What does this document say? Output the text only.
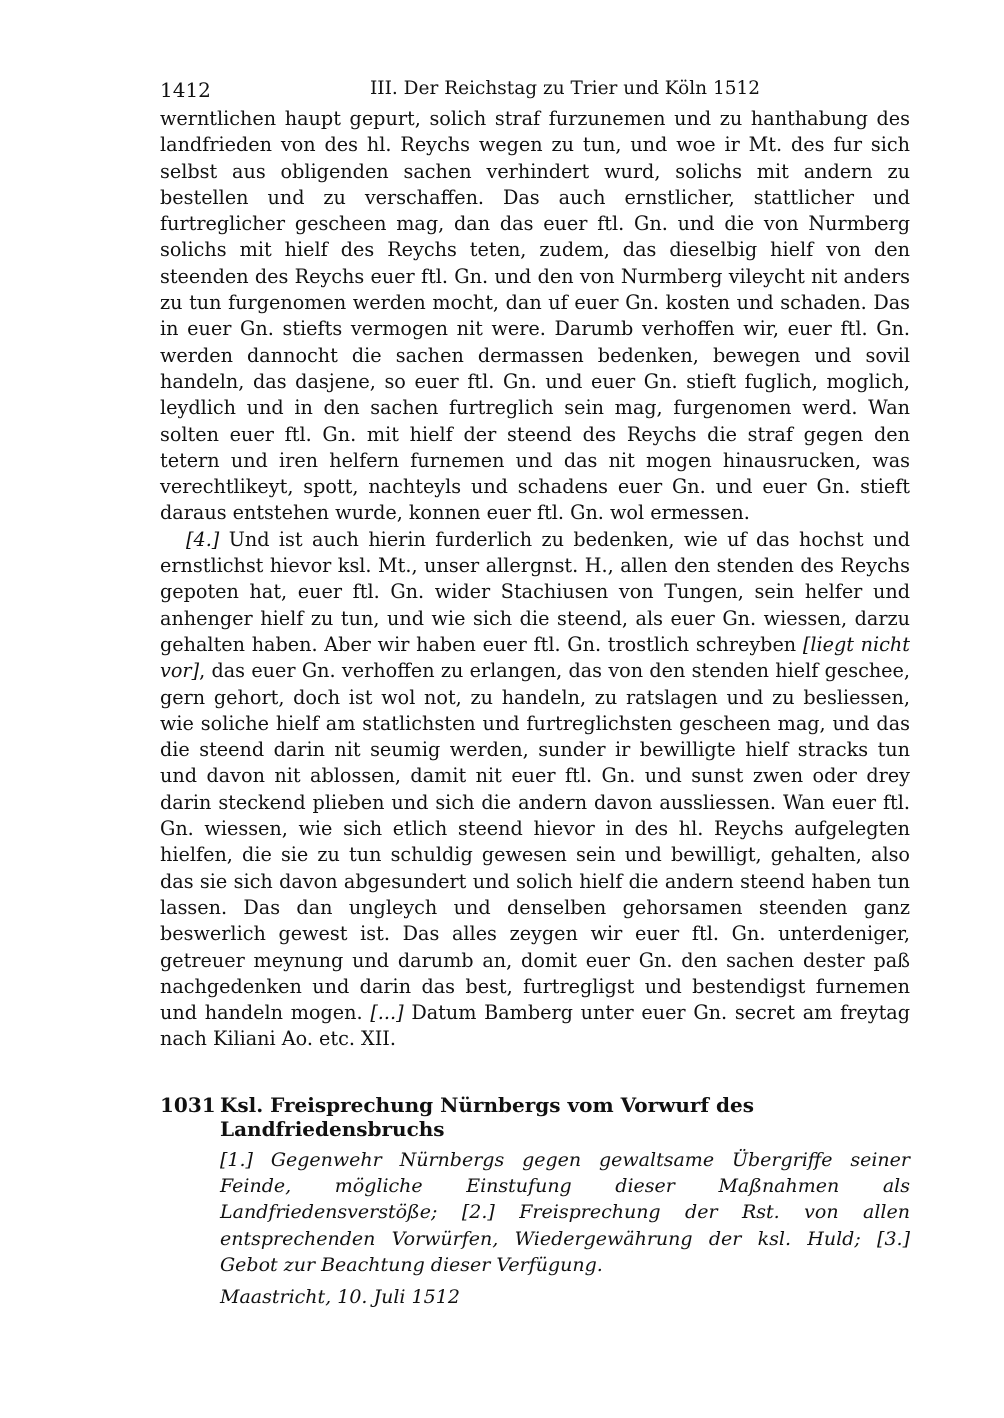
1412	III. Der Reichstag zu Trier und Köln 1512

werntlichen haupt gepurt, solich straf furzunemen und zu hanthabung des landfrieden von des hl. Reychs wegen zu tun, und woe ir Mt. des fur sich selbst aus obligenden sachen verhindert wurd, solichs mit andern zu bestellen und zu verschaffen. Das auch ernstlicher, stattlicher und furtreglicher gescheen mag, dan das euer ftl. Gn. und die von Nurmberg solichs mit hielf des Reychs teten, zudem, das dieselbig hielf von den steenden des Reychs euer ftl. Gn. und den von Nurmberg vileycht nit anders zu tun furgenomen werden mocht, dan uf euer Gn. kosten und schaden. Das in euer Gn. stiefts vermogen nit were. Darumb verhoffen wir, euer ftl. Gn. werden dannocht die sachen dermassen bedenken, bewegen und sovil handeln, das dasjene, so euer ftl. Gn. und euer Gn. stieft fuglich, moglich, leydlich und in den sachen furtreglich sein mag, furgenomen werd. Wan solten euer ftl. Gn. mit hielf der steend des Reychs die straf gegen den tetern und iren helfern furnemen und das nit mogen hinausrucken, was verechtlikeyt, spott, nachteyls und schadens euer Gn. und euer Gn. stieft daraus entstehen wurde, konnen euer ftl. Gn. wol ermessen.

[4.] Und ist auch hierin furderlich zu bedenken, wie uf das hochst und ernstlichst hievor ksl. Mt., unser allergnst. H., allen den stenden des Reychs gepoten hat, euer ftl. Gn. wider Stachiusen von Tungen, sein helfer und anhenger hielf zu tun, und wie sich die steend, als euer Gn. wiessen, darzu gehalten haben. Aber wir haben euer ftl. Gn. trostlich schreyben [liegt nicht vor], das euer Gn. verhoffen zu erlangen, das von den stenden hielf geschee, gern gehort, doch ist wol not, zu handeln, zu ratslagen und zu besliessen, wie soliche hielf am statlichsten und furtreglichsten gescheen mag, und das die steend darin nit seumig werden, sunder ir bewilligte hielf stracks tun und davon nit ablossen, damit nit euer ftl. Gn. und sunst zwen oder drey darin steckend plieben und sich die andern davon aussliessen. Wan euer ftl. Gn. wiessen, wie sich etlich steend hievor in des hl. Reychs aufgelegten hielfen, die sie zu tun schuldig gewesen sein und bewilligt, gehalten, also das sie sich davon abgesundert und solich hielf die andern steend haben tun lassen. Das dan ungleych und denselben gehorsamen steenden ganz beswerlich gewest ist. Das alles zeygen wir euer ftl. Gn. unterdeniger, getreuer meynung und darumb an, domit euer Gn. den sachen dester paß nachgedenken und darin das best, furtregligst und bestendigst furnemen und handeln mogen. [...] Datum Bamberg unter euer Gn. secret am freytag nach Kiliani Ao. etc. XII.

1031 Ksl. Freisprechung Nürnbergs vom Vorwurf des Landfriedensbruchs
[1.] Gegenwehr Nürnbergs gegen gewaltsame Übergriffe seiner Feinde, mögliche Einstufung dieser Maßnahmen als Landfriedensverstöße; [2.] Freisprechung der Rst. von allen entsprechenden Vorwürfen, Wiedergewährung der ksl. Huld; [3.] Gebot zur Beachtung dieser Verfügung.
Maastricht, 10. Juli 1512
